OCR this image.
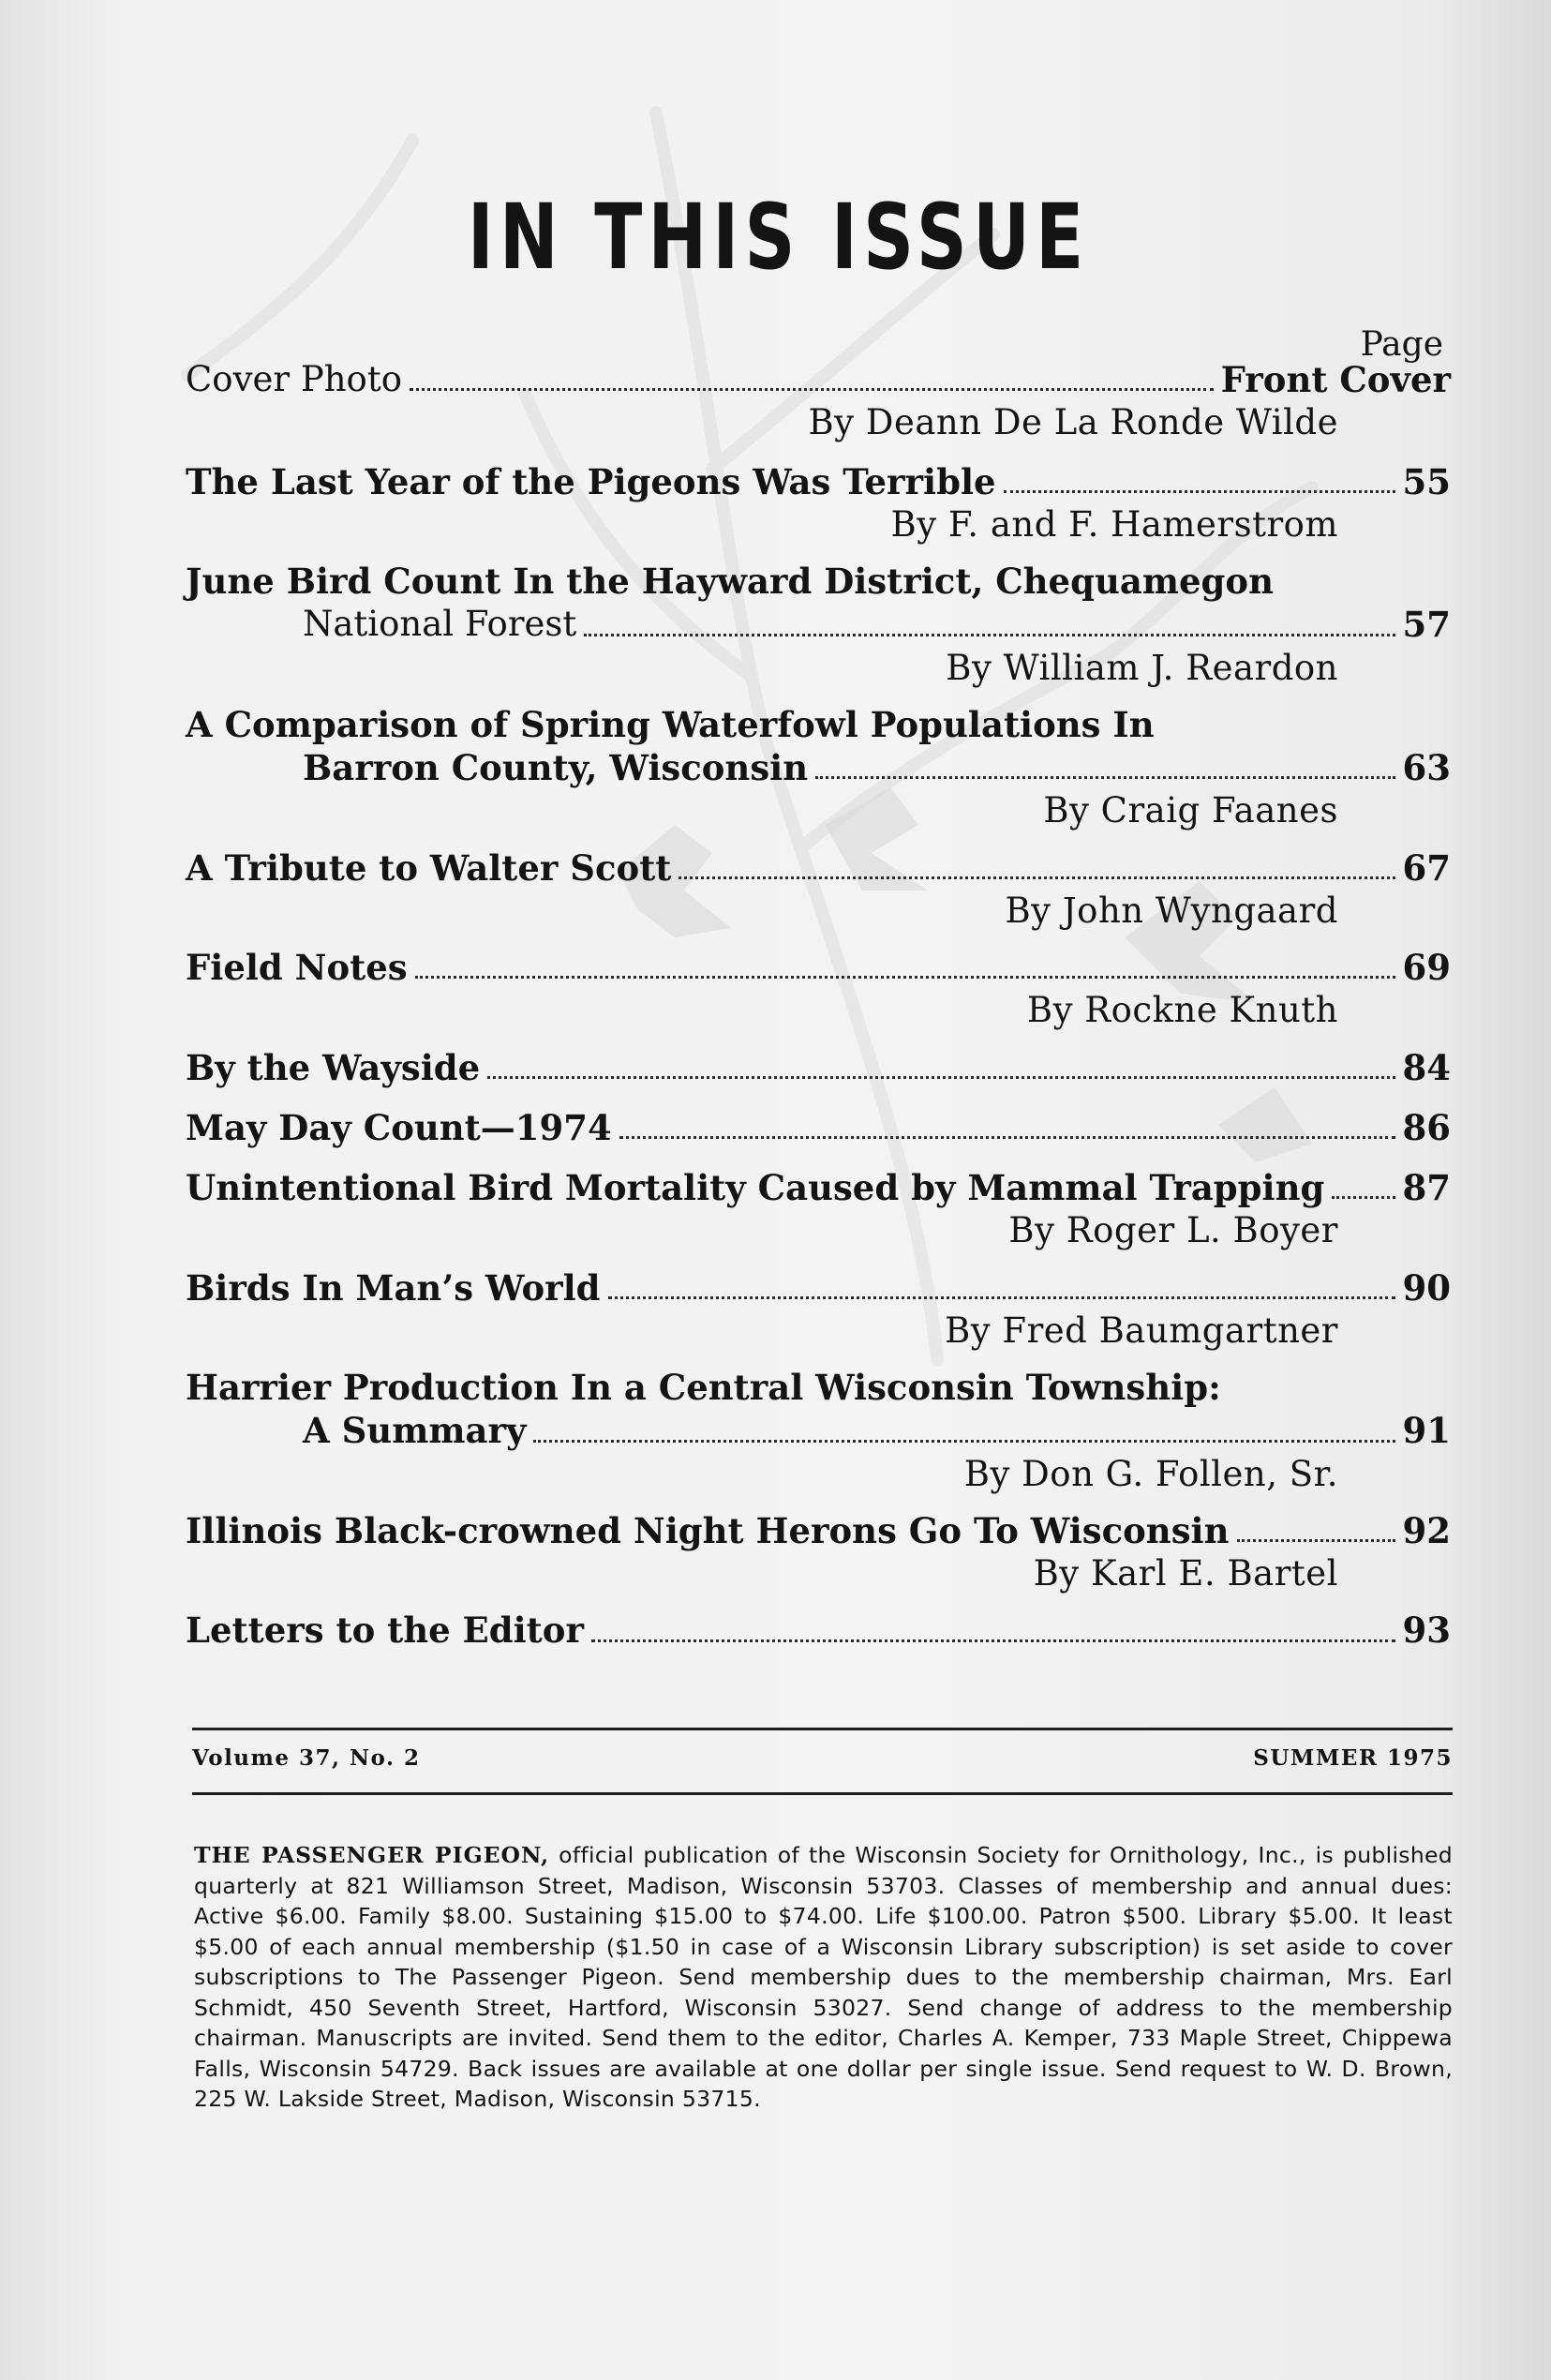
IN THIS ISSUE
Page
Cover Photo	Front Cover
By Deann De La Ronde Wilde
The Last Year of the Pigeons Was Terrible	55
By F. and F. Hamerstrom
June Bird Count In the Hayward District, Chequamegon
National Forest	57
By William J. Reardon
A Comparison of Spring Waterfowl Populations In
Barron County, Wisconsin	63
By Craig Faanes
A Tribute to Walter Scott	67
By John Wyngaard
Field Notes	69
By Rockne Knuth
By the Wayside	84
May Day Count—1974	86
Unintentional Bird Mortality Caused by Mammal Trapping 87
By Roger L. Boyer
Birds In Man’s World	90
By Fred Baumgartner
Harrier Production In a Central Wisconsin Township:
A Summary	91
By Don G. Follen, Sr.
Illinois Black-crowned Night Herons Go To Wisconsin	92
By Karl E. Bartel
Letters to the Editor	93
Volume 37, No. 2	SUMMER 1975
THE PASSENGER PIGEON, official publication of the Wisconsin Society for Ornithology, Inc., is published quarterly at 821 Williamson Street, Madison, Wisconsin 53703. Classes of membership and annual dues: Active $6.00. Family $8.00. Sustaining $15.00 to $74.00. Life $100.00. Patron $500. Library $5.00. It least $5.00 of each annual membership ($1.50 in case of a Wisconsin Library subscription) is set aside to cover subscriptions to The Passenger Pigeon. Send membership dues to the membership chairman, Mrs. Earl Schmidt, 450 Seventh Street, Hartford, Wisconsin 53027. Send change of address to the membership chairman. Manuscripts are invited. Send them to the editor, Charles A. Kemper, 733 Maple Street, Chippewa Falls, Wisconsin 54729. Back issues are available at one dollar per single issue. Send request to W. D. Brown, 225 W. Lakside Street, Madison, Wisconsin 53715.
